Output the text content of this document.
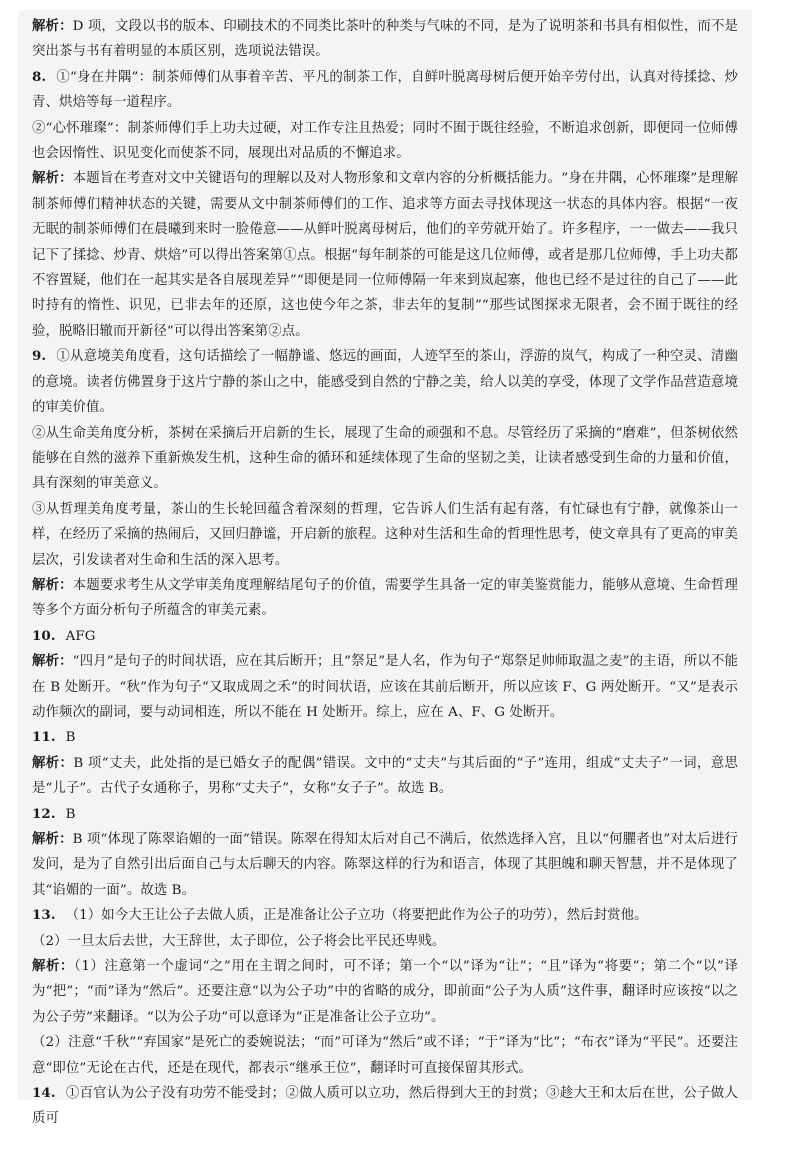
解析：D 项，文段以书的版本、印刷技术的不同类比茶叶的种类与气味的不同，是为了说明茶和书具有相似性，而不是突出茶与书有着明显的本质区别，选项说法错误。

8. ①“身在井隅”：制茶师傅们从事着辛苦、平凡的制茶工作，自鲜叶脱离母树后便开始辛劳付出，认真对待揉捻、炒青、烘焙等每一道程序。

②“心怀璀璨”：制茶师傅们手上功夫过硬，对工作专注且热爱；同时不囿于既往经验，不断追求创新，即便同一位师傅也会因惰性、识见变化而使茶不同，展现出对品质的不懈追求。

解析：本题旨在考查对文中关键语句的理解以及对人物形象和文章内容的分析概括能力。“身在井隅，心怀璀璨”是理解制茶师傅们精神状态的关键，需要从文中制茶师傅们的工作、追求等方面去寻找体现这一状态的具体内容。根据“一夜无眠的制茶师傅们在晨曦到来时一脸倦意——从鲜叶脱离母树后，他们的辛劳就开始了。许多程序，一一做去——我只记下了揉捻、炒青、烘焙”可以得出答案第①点。根据“每年制茶的可能是这几位师傅，或者是那几位师傅，手上功夫都不容置疑，他们在一起其实是各自展现差异”“即便是同一位师傅隔一年来到岚起寨，他也已经不是过往的自己了——此时持有的惰性、识见，已非去年的还原，这也使今年之茶，非去年的复制”“那些试图探求无限者，会不囿于既往的经验，脱略旧辙而开新径”可以得出答案第②点。

9. ①从意境美角度看，这句话描绘了一幅静谧、悠远的画面，人迹罕至的茶山，浮游的岚气，构成了一种空灵、清幽的意境。读者仿佛置身于这片宁静的茶山之中，能感受到自然的宁静之美，给人以美的享受，体现了文学作品营造意境的审美价值。

②从生命美角度分析，茶树在采摘后开启新的生长，展现了生命的顽强和不息。尽管经历了采摘的“磨难”，但茶树依然能够在自然的滋养下重新焕发生机，这种生命的循环和延续体现了生命的坚韧之美，让读者感受到生命的力量和价值，具有深刻的审美意义。

③从哲理美角度考量，茶山的生长轮回蕴含着深刻的哲理，它告诉人们生活有起有落，有忙碌也有宁静，就像茶山一样，在经历了采摘的热闹后，又回归静谧，开启新的旅程。这种对生活和生命的哲理性思考，使文章具有了更高的审美层次，引发读者对生命和生活的深入思考。

解析：本题要求考生从文学审美角度理解结尾句子的价值，需要学生具备一定的审美鉴赏能力，能够从意境、生命哲理等多个方面分析句子所蕴含的审美元素。

10. AFG

解析：“四月”是句子的时间状语，应在其后断开；且“祭足”是人名，作为句子“郑祭足帅师取温之麦”的主语，所以不能在 B 处断开。“秋”作为句子“又取成周之禾”的时间状语，应该在其前后断开，所以应该 F、G 两处断开。“又”是表示动作频次的副词，要与动词相连，所以不能在 H 处断开。综上，应在 A、F、G 处断开。

11. B

解析：B 项“丈夫，此处指的是已婚女子的配偶”错误。文中的“丈夫”与其后面的“子”连用，组成“丈夫子”一词，意思是“儿子”。古代子女通称子，男称“丈夫子”，女称“女子子”。故选 B。

12. B

解析：B 项“体现了陈翠谄媚的一面”错误。陈翠在得知太后对自己不满后，依然选择入宫，且以“何臞者也”对太后进行发问，是为了自然引出后面自己与太后聊天的内容。陈翠这样的行为和语言，体现了其胆魄和聊天智慧，并不是体现了其“谄媚的一面”。故选 B。

13. （1）如今大王让公子去做人质，正是准备让公子立功（将要把此作为公子的功劳），然后封赏他。

（2）一旦太后去世，大王辞世，太子即位，公子将会比平民还卑贱。

解析：（1）注意第一个虚词“之”用在主谓之间时，可不译；第一个“以”译为“让”；“且”译为“将要”；第二个“以”译为“把”；“而”译为“然后”。还要注意“以为公子功”中的省略的成分，即前面“公子为人质”这件事，翻译时应该按“以之为公子劳”来翻译。“以为公子功”可以意译为“正是准备让公子立功”。

（2）注意“千秋”“弃国家”是死亡的委婉说法；“而”可译为“然后”或不译；“于”译为“比”；“布衣”译为“平民”。还要注意“即位”无论在古代，还是在现代，都表示“继承王位”，翻译时可直接保留其形式。

14. ①百官认为公子没有功劳不能受封；②做人质可以立功，然后得到大王的封赏；③趁大王和太后在世，公子做人质可
